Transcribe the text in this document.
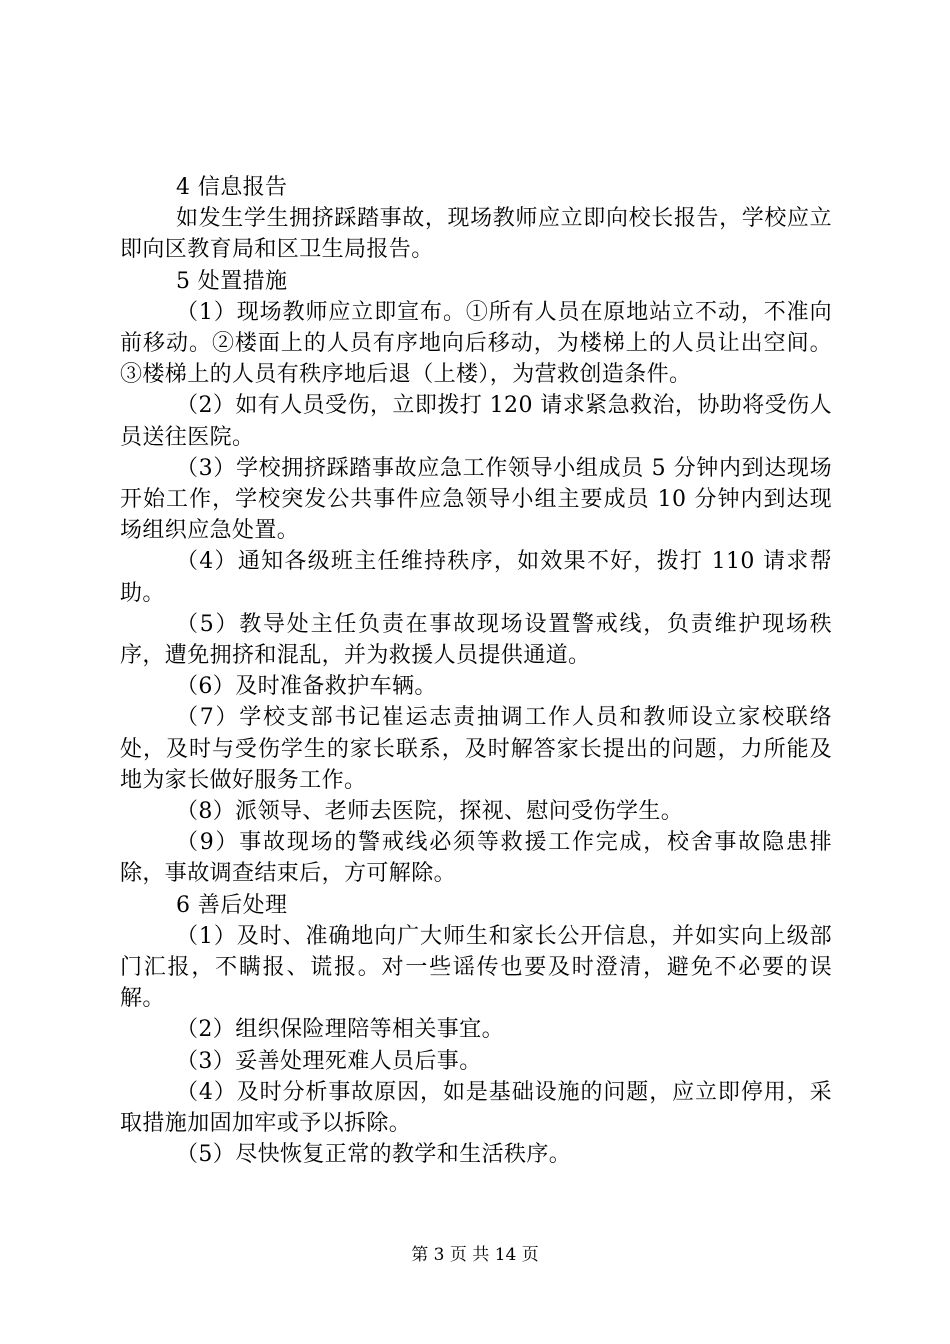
4 信息报告

如发生学生拥挤踩踏事故，现场教师应立即向校长报告，学校应立即向区教育局和区卫生局报告。

5 处置措施

（1）现场教师应立即宣布。①所有人员在原地站立不动，不准向前移动。②楼面上的人员有序地向后移动，为楼梯上的人员让出空间。③楼梯上的人员有秩序地后退（上楼），为营救创造条件。

（2）如有人员受伤，立即拨打 120 请求紧急救治，协助将受伤人员送往医院。

（3）学校拥挤踩踏事故应急工作领导小组成员 5 分钟内到达现场开始工作，学校突发公共事件应急领导小组主要成员 10 分钟内到达现场组织应急处置。

（4）通知各级班主任维持秩序，如效果不好，拨打 110 请求帮助。

（5）教导处主任负责在事故现场设置警戒线，负责维护现场秩序，遭免拥挤和混乱，并为救援人员提供通道。

（6）及时准备救护车辆。

（7）学校支部书记崔运志责抽调工作人员和教师设立家校联络处，及时与受伤学生的家长联系，及时解答家长提出的问题，力所能及地为家长做好服务工作。

（8）派领导、老师去医院，探视、慰问受伤学生。

（9）事故现场的警戒线必须等救援工作完成，校舍事故隐患排除，事故调查结束后，方可解除。

6 善后处理

（1）及时、准确地向广大师生和家长公开信息，并如实向上级部门汇报，不瞒报、谎报。对一些谣传也要及时澄清，避免不必要的误解。

（2）组织保险理陪等相关事宜。

（3）妥善处理死难人员后事。

（4）及时分析事故原因，如是基础设施的问题，应立即停用，采取措施加固加牢或予以拆除。

（5）尽快恢复正常的教学和生活秩序。

第 3 页 共 14 页
